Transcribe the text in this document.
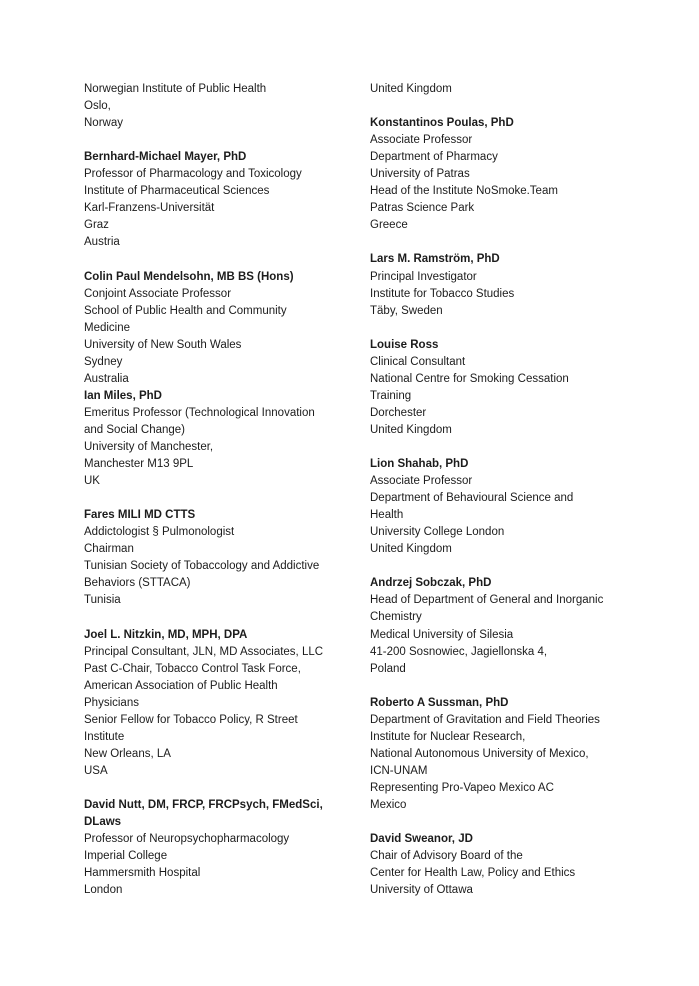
Norwegian Institute of Public Health
Oslo,
Norway
Bernhard-Michael Mayer, PhD
Professor of Pharmacology and Toxicology
Institute of Pharmaceutical Sciences
Karl-Franzens-Universität
Graz
Austria
Colin Paul Mendelsohn, MB BS (Hons)
Conjoint Associate Professor
School of Public Health and Community
Medicine
University of New South Wales
Sydney
Australia
Ian Miles, PhD
Emeritus Professor (Technological Innovation
and Social Change)
University of Manchester,
Manchester M13 9PL
UK
Fares MILI MD CTTS
Addictologist § Pulmonologist
Chairman
Tunisian Society of Tobaccology and Addictive
Behaviors (STTACA)
Tunisia
Joel L. Nitzkin, MD, MPH, DPA
Principal Consultant, JLN, MD Associates, LLC
Past C-Chair, Tobacco Control Task Force,
American Association of Public Health
Physicians
Senior Fellow for Tobacco Policy, R Street
Institute
New Orleans, LA
USA
David Nutt, DM, FRCP, FRCPsych, FMedSci,
DLaws
Professor of Neuropsychopharmacology
Imperial College
Hammersmith Hospital
London
United Kingdom
Konstantinos Poulas, PhD
Associate Professor
Department of Pharmacy
University of Patras
Head of the Institute NoSmoke.Team
Patras Science Park
Greece
Lars M. Ramström, PhD
Principal Investigator
Institute for Tobacco Studies
Täby, Sweden
Louise Ross
Clinical Consultant
National Centre for Smoking Cessation
Training
Dorchester
United Kingdom
Lion Shahab, PhD
Associate Professor
Department of Behavioural Science and
Health
University College London
United Kingdom
Andrzej Sobczak, PhD
Head of Department of General and Inorganic
Chemistry
Medical University of Silesia
41-200 Sosnowiec, Jagiellonska 4,
Poland
Roberto A Sussman, PhD
Department of Gravitation and Field Theories
Institute for Nuclear Research,
National Autonomous University of Mexico,
ICN-UNAM
Representing Pro-Vapeo Mexico AC
Mexico
David Sweanor, JD
Chair of Advisory Board of the
Center for Health Law, Policy and Ethics
University of Ottawa
